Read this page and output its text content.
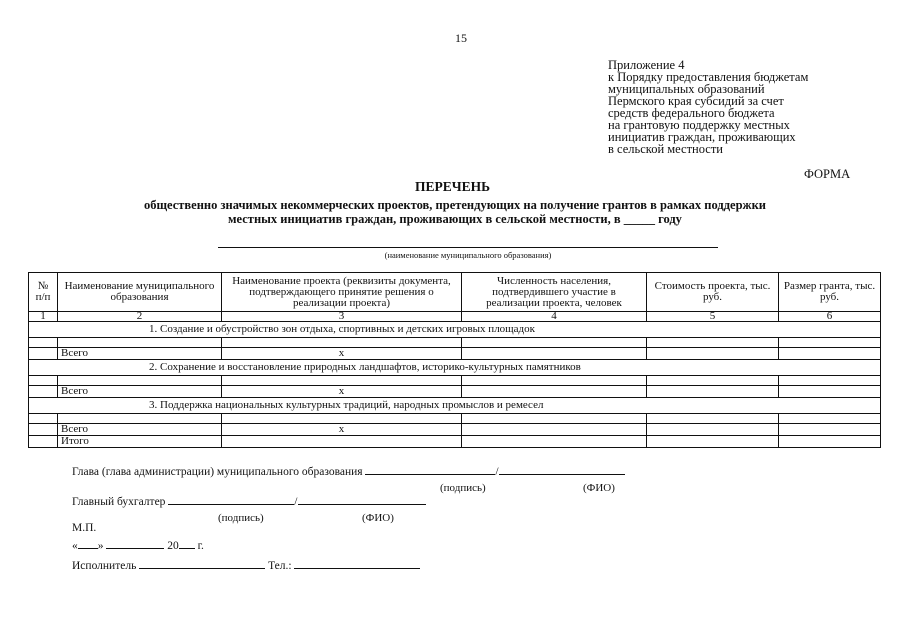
15
Приложение 4
к Порядку предоставления бюджетам
муниципальных образований
Пермского края субсидий за счет
средств федерального бюджета
на грантовую поддержку местных
инициатив граждан, проживающих
в сельской местности
ФОРМА
ПЕРЕЧЕНЬ
общественно значимых некоммерческих проектов, претендующих на получение грантов в рамках поддержки
местных инициатив граждан, проживающих в сельской местности, в _____ году
(наименование муниципального образования)
№ п/п	Наименование муниципального образования	Наименование проекта (реквизиты документа, подтверждающего принятие решения о реализации проекта)	Численность населения, подтвердившего участие в реализации проекта, человек	Стоимость проекта, тыс. руб.	Размер гранта, тыс. руб.
1	2	3	4	5	6
1. Создание и обустройство зон отдыха, спортивных и детских игровых площадок					

	Всего	х			
2. Сохранение и восстановление природных ландшафтов, историко-культурных памятников					

	Всего	х			
3. Поддержка национальных культурных традиций, народных промыслов и ремесел					

	Всего	х			
	Итого				
Глава (глава администрации) муниципального образования	/
(подпись)	(ФИО)
Главный бухгалтер	/
(подпись)	(ФИО)
М.П.
« »	20 г.
Исполнитель	Тел.:
